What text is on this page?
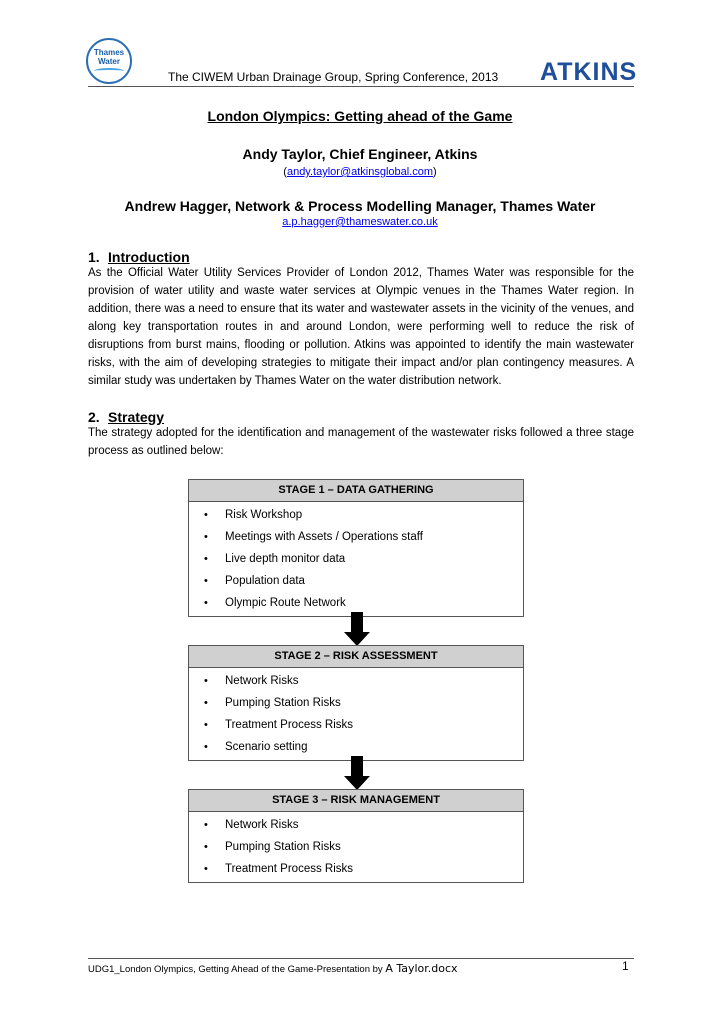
Thames
Water
The CIWEM Urban Drainage Group, Spring Conference, 2013 ATKINS
London Olympics: Getting ahead of the Game
Andy Taylor, Chief Engineer, Atkins
(andy.taylor@atkinsglobal.com)
Andrew Hagger, Network & Process Modelling Manager, Thames Water
a.p.hagger@thameswater.co.uk
1. Introduction
As the Official Water Utility Services Provider of London 2012, Thames Water was responsible for the provision of water utility and waste water services at Olympic venues in the Thames Water region. In addition, there was a need to ensure that its water and wastewater assets in the vicinity of the venues, and along key transportation routes in and around London, were performing well to reduce the risk of disruptions from burst mains, flooding or pollution. Atkins was appointed to identify the main wastewater risks, with the aim of developing strategies to mitigate their impact and/or plan contingency measures. A similar study was undertaken by Thames Water on the water distribution network.
2. Strategy
The strategy adopted for the identification and management of the wastewater risks followed a three stage process as outlined below:
STAGE 1 – DATA GATHERING
• Risk Workshop
• Meetings with Assets / Operations staff
• Live depth monitor data
• Population data
• Olympic Route Network
STAGE 2 – RISK ASSESSMENT
• Network Risks
• Pumping Station Risks
• Treatment Process Risks
• Scenario setting
STAGE 3 – RISK MANAGEMENT
• Network Risks
• Pumping Station Risks
• Treatment Process Risks
UDG1_London Olympics, Getting Ahead of the Game-Presentation by A Taylor.docx	1
